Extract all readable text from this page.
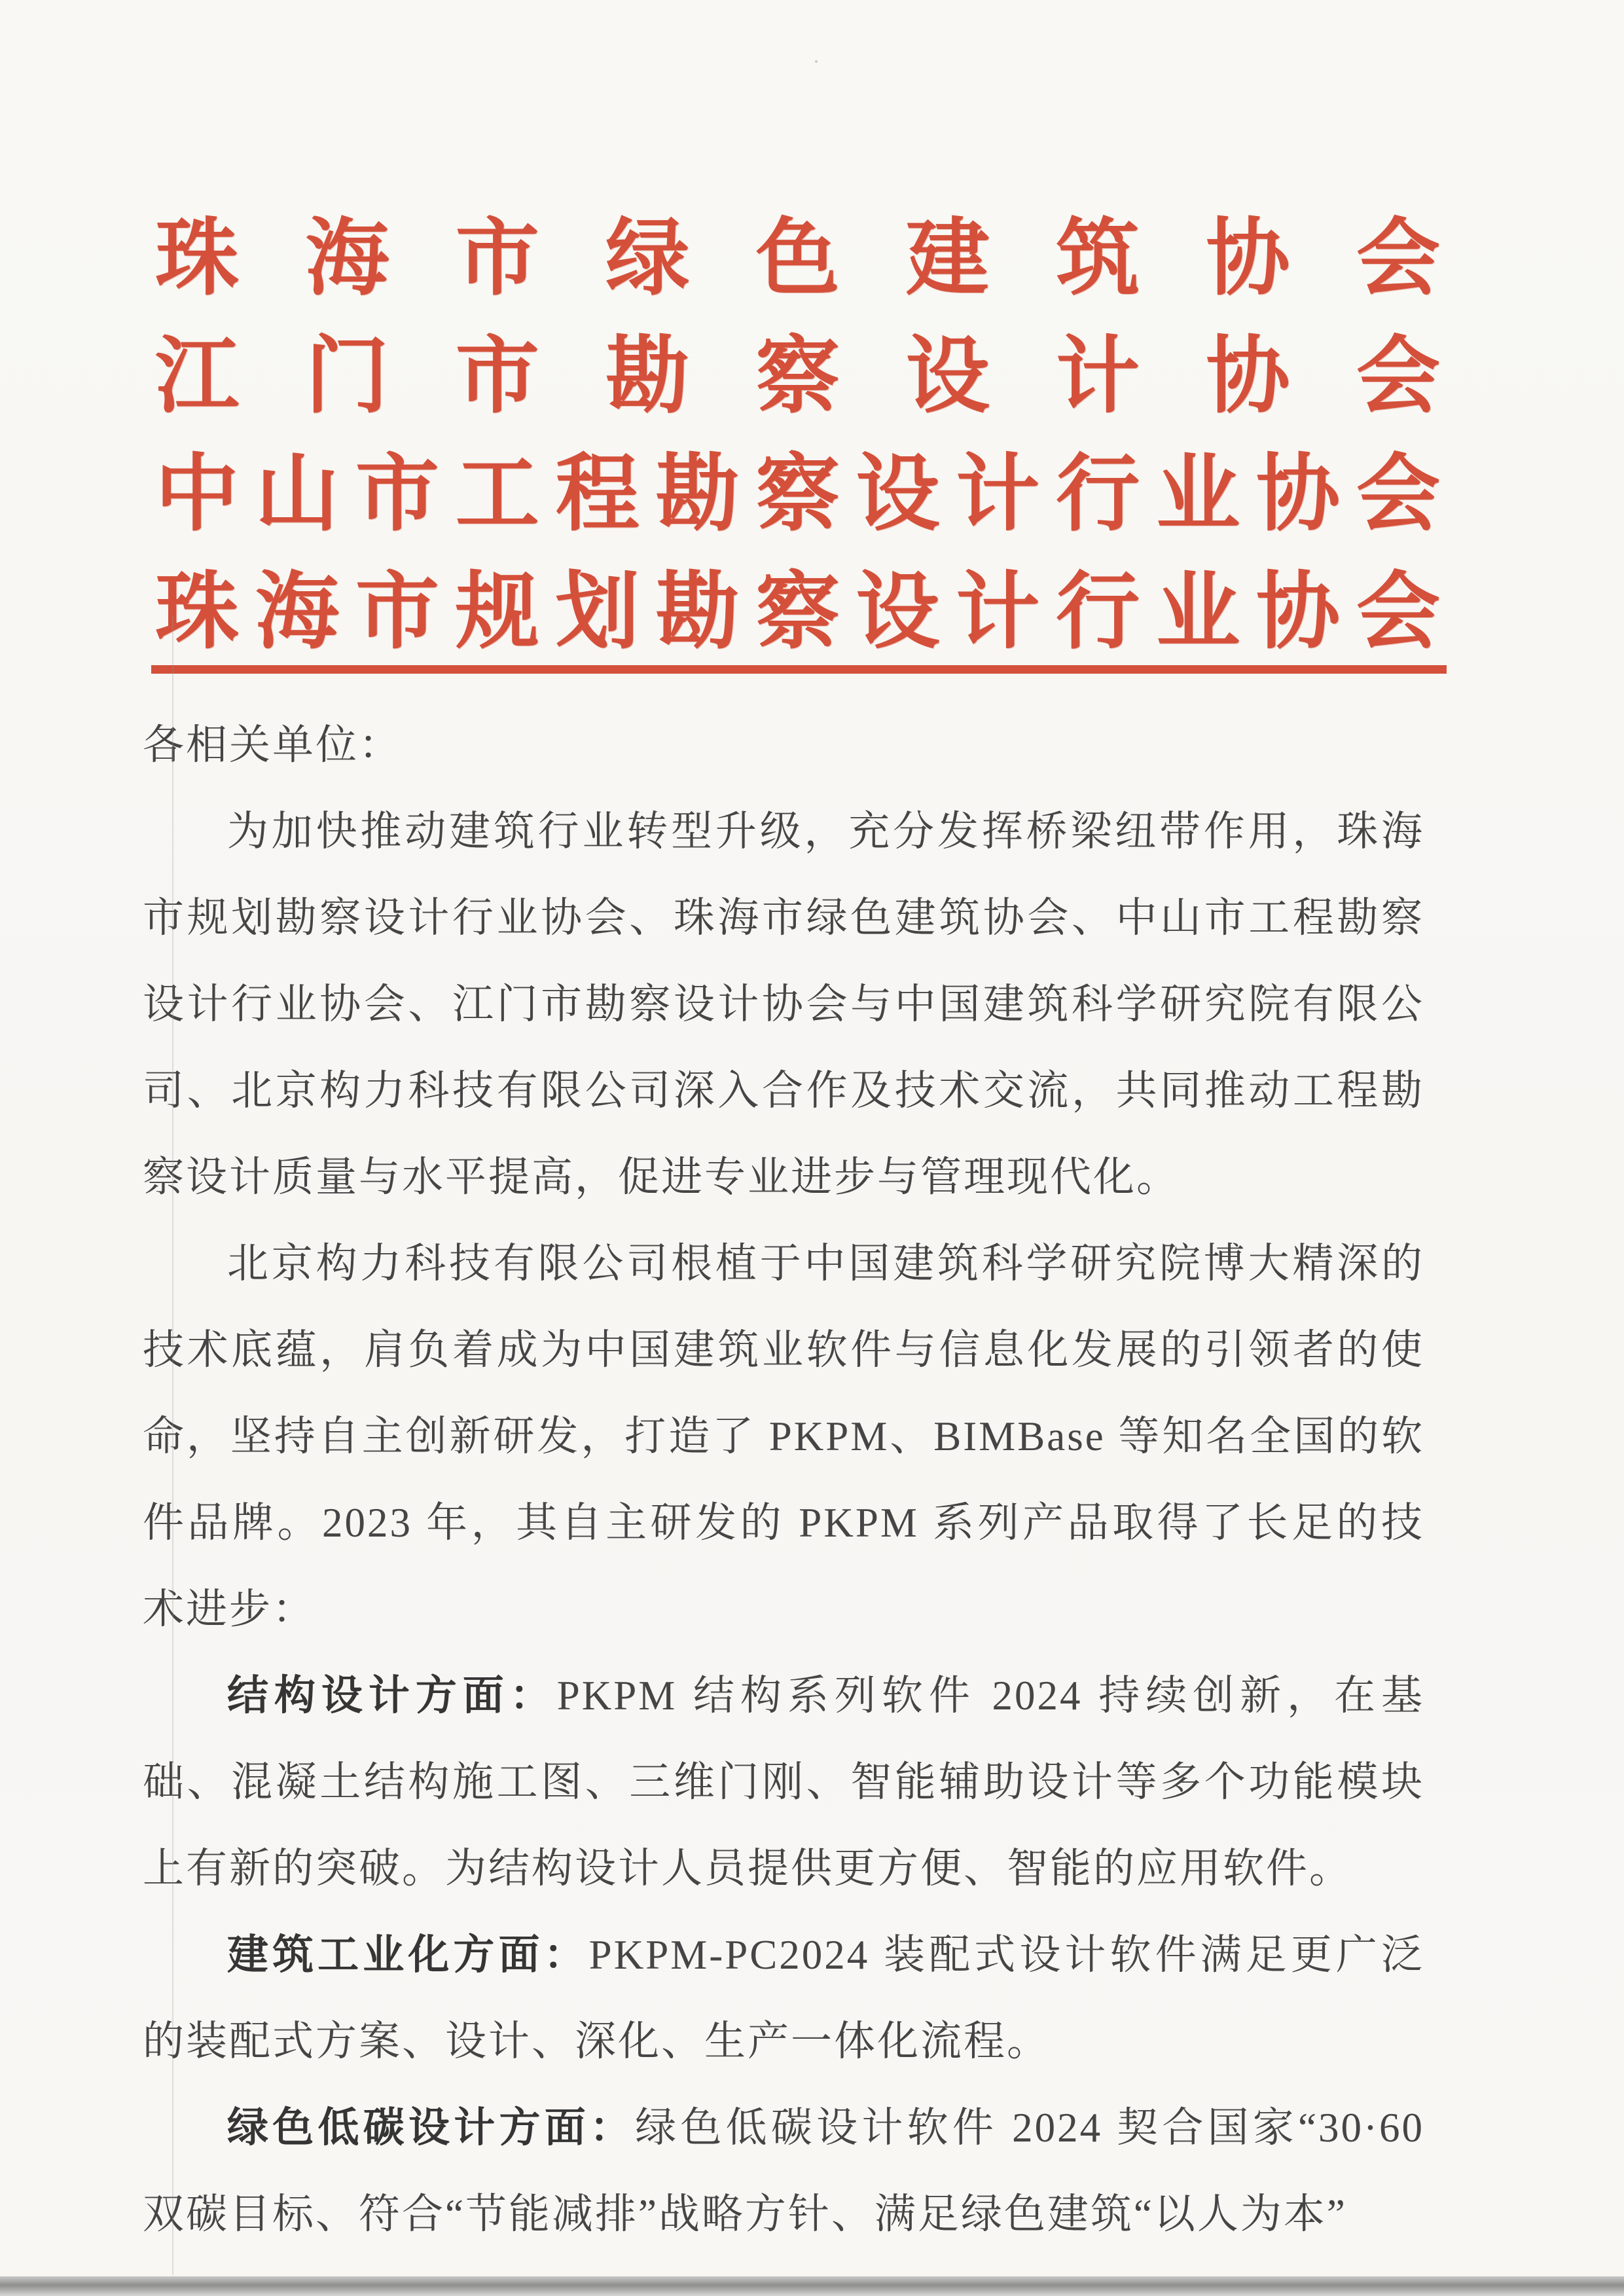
珠 海 市 绿 色 建 筑 协 会
江 门 市 勘 察 设 计 协 会
中 山 市 工 程 勘 察 设 计 行 业 协 会
珠 海 市 规 划 勘 察 设 计 行 业 协 会

各相关单位：

为加快推动建筑行业转型升级，充分发挥桥梁纽带作用，珠海市规划勘察设计行业协会、珠海市绿色建筑协会、中山市工程勘察设计行业协会、江门市勘察设计协会与中国建筑科学研究院有限公司、北京构力科技有限公司深入合作及技术交流，共同推动工程勘察设计质量与水平提高，促进专业进步与管理现代化。

北京构力科技有限公司根植于中国建筑科学研究院博大精深的技术底蕴，肩负着成为中国建筑业软件与信息化发展的引领者的使命，坚持自主创新研发，打造了 PKPM、BIMBase 等知名全国的软件品牌。2023 年，其自主研发的 PKPM 系列产品取得了长足的技术进步：

结构设计方面：PKPM 结构系列软件 2024 持续创新，在基础、混凝土结构施工图、三维门刚、智能辅助设计等多个功能模块上有新的突破。为结构设计人员提供更方便、智能的应用软件。

建筑工业化方面：PKPM-PC2024 装配式设计软件满足更广泛的装配式方案、设计、深化、生产一体化流程。

绿色低碳设计方面：绿色低碳设计软件 2024 契合国家“30·60 双碳目标、符合“节能减排”战略方针、满足绿色建筑“以人为本”
